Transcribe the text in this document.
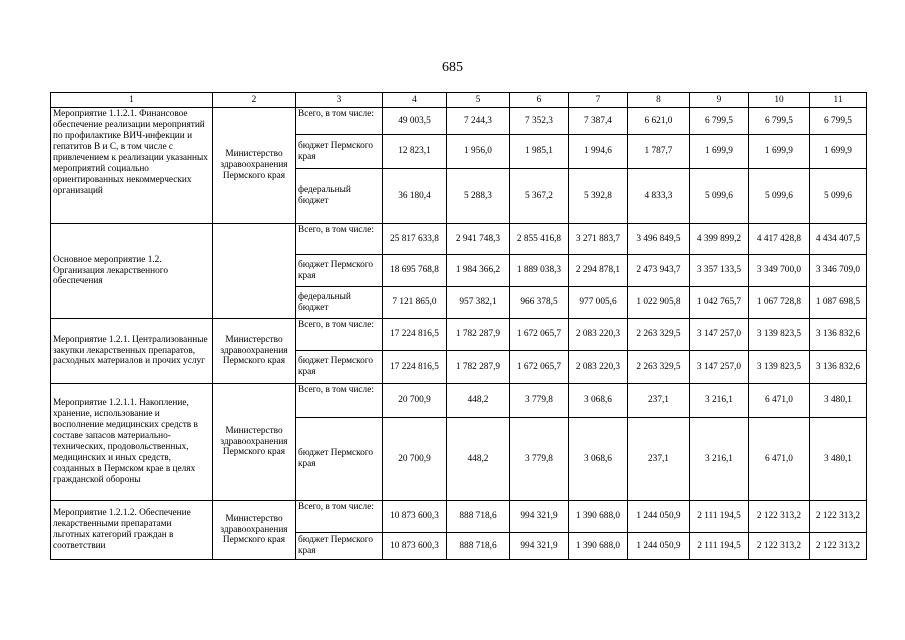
685
1	2	3	4	5	6	7	8	9	10	11
Мероприятие 1.1.2.1. Финансовое обеспечение реализации мероприятий по профилактике ВИЧ-инфекции и гепатитов В и С, в том числе с привлечением к реализации указанных мероприятий социально ориентированных некоммерческих организаций	Министерство здравоохранения Пермского края	Всего, в том числе:	49 003,5	7 244,3	7 352,3	7 387,4	6 621,0	6 799,5	6 799,5	6 799,5
		бюджет Пермского края	12 823,1	1 956,0	1 985,1	1 994,6	1 787,7	1 699,9	1 699,9	1 699,9
		федеральный бюджет	36 180,4	5 288,3	5 367,2	5 392,8	4 833,3	5 099,6	5 099,6	5 099,6
Основное мероприятие 1.2. Организация лекарственного обеспечения		Всего, в том числе:	25 817 633,8	2 941 748,3	2 855 416,8	3 271 883,7	3 496 849,5	4 399 899,2	4 417 428,8	4 434 407,5
		бюджет Пермского края	18 695 768,8	1 984 366,2	1 889 038,3	2 294 878,1	2 473 943,7	3 357 133,5	3 349 700,0	3 346 709,0
		федеральный бюджет	7 121 865,0	957 382,1	966 378,5	977 005,6	1 022 905,8	1 042 765,7	1 067 728,8	1 087 698,5
Мероприятие 1.2.1. Централизованные закупки лекарственных препаратов, расходных материалов и прочих услуг	Министерство здравоохранения Пермского края	Всего, в том числе:	17 224 816,5	1 782 287,9	1 672 065,7	2 083 220,3	2 263 329,5	3 147 257,0	3 139 823,5	3 136 832,6
		бюджет Пермского края	17 224 816,5	1 782 287,9	1 672 065,7	2 083 220,3	2 263 329,5	3 147 257,0	3 139 823,5	3 136 832,6
Мероприятие 1.2.1.1. Накопление, хранение, использование и восполнение медицинских средств в составе запасов материально-технических, продовольственных, медицинских и иных средств, созданных в Пермском крае в целях гражданской обороны	Министерство здравоохранения Пермского края	Всего, в том числе:	20 700,9	448,2	3 779,8	3 068,6	237,1	3 216,1	6 471,0	3 480,1
		бюджет Пермского края	20 700,9	448,2	3 779,8	3 068,6	237,1	3 216,1	6 471,0	3 480,1
Мероприятие 1.2.1.2. Обеспечение лекарственными препаратами льготных категорий граждан в соответствии	Министерство здравоохранения Пермского края	Всего, в том числе:	10 873 600,3	888 718,6	994 321,9	1 390 688,0	1 244 050,9	2 111 194,5	2 122 313,2	2 122 313,2
		бюджет Пермского края	10 873 600,3	888 718,6	994 321,9	1 390 688,0	1 244 050,9	2 111 194,5	2 122 313,2	2 122 313,2
